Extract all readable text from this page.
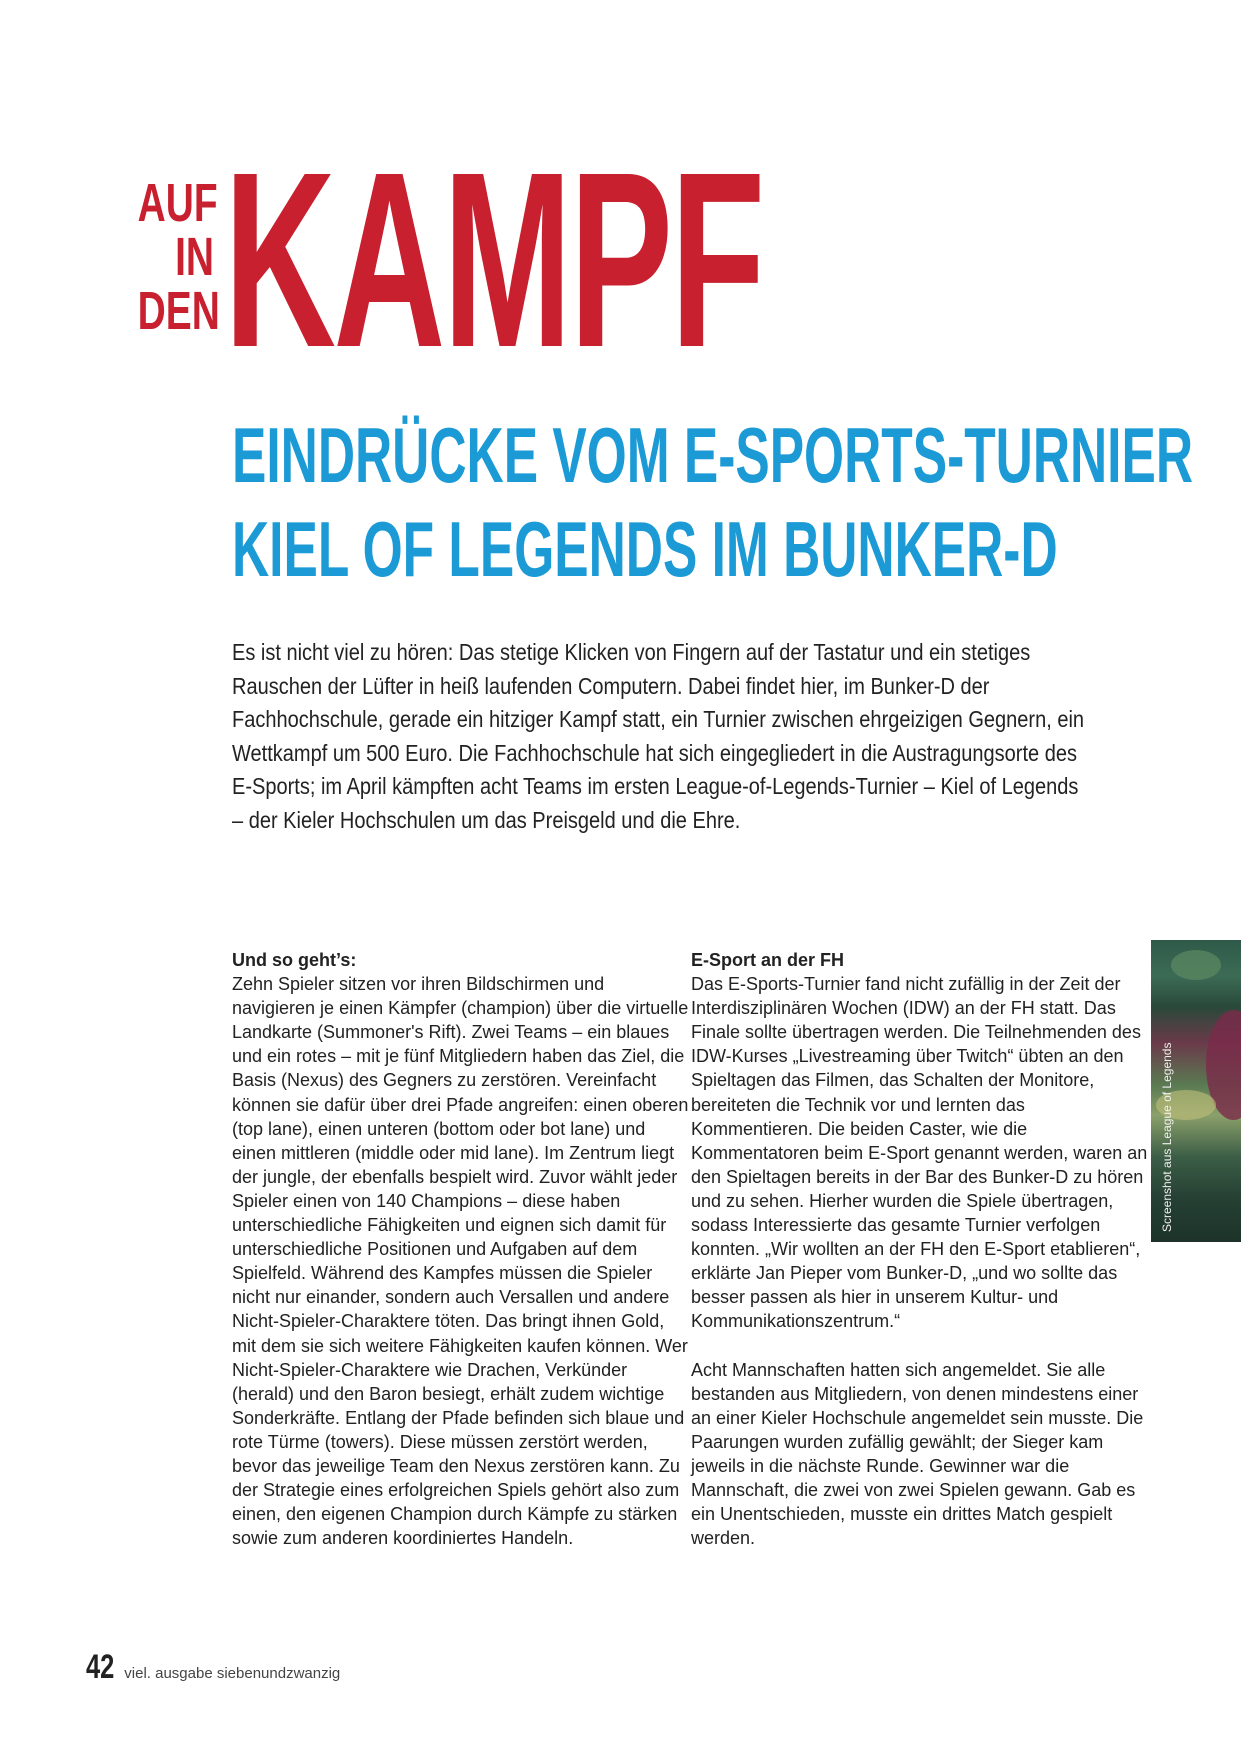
AUF
IN
DEN KAMPF
EINDRÜCKE VOM E-SPORTS-TURNIER
KIEL OF LEGENDS IM BUNKER-D
Es ist nicht viel zu hören: Das stetige Klicken von Fingern auf der Tastatur und ein stetiges Rauschen der Lüfter in heiß laufenden Computern. Dabei findet hier, im Bunker-D der Fachhochschule, gerade ein hitziger Kampf statt, ein Turnier zwischen ehrgeizigen Gegnern, ein Wettkampf um 500 Euro. Die Fachhochschule hat sich eingegliedert in die Austragungsorte des E-Sports; im April kämpften acht Teams im ersten League-of-Legends-Turnier – Kiel of Legends – der Kieler Hochschulen um das Preisgeld und die Ehre.
Und so geht’s:

Zehn Spieler sitzen vor ihren Bildschirmen und navigieren je einen Kämpfer (champion) über die virtuelle Landkarte (Summoner's Rift). Zwei Teams – ein blaues und ein rotes – mit je fünf Mitgliedern haben das Ziel, die Basis (Nexus) des Gegners zu zerstören. Vereinfacht können sie dafür über drei Pfade angreifen: einen oberen (top lane), einen unteren (bottom oder bot lane) und einen mittleren (middle oder mid lane). Im Zentrum liegt der jungle, der ebenfalls bespielt wird. Zuvor wählt jeder Spieler einen von 140 Champions – diese haben unterschiedliche Fähigkeiten und eignen sich damit für unterschiedliche Positionen und Aufgaben auf dem Spielfeld. Während des Kampfes müssen die Spieler nicht nur einander, sondern auch Versallen und andere Nicht-Spieler-Charaktere töten. Das bringt ihnen Gold, mit dem sie sich weitere Fähigkeiten kaufen können. Wer Nicht-Spieler-Charaktere wie Drachen, Verkünder (herald) und den Baron besiegt, erhält zudem wichtige Sonderkräfte. Entlang der Pfade befinden sich blaue und rote Türme (towers). Diese müssen zerstört werden, bevor das jeweilige Team den Nexus zerstören kann. Zu der Strategie eines erfolgreichen Spiels gehört also zum einen, den eigenen Champion durch Kämpfe zu stärken sowie zum anderen koordiniertes Handeln.

E-Sport an der FH

Das E-Sports-Turnier fand nicht zufällig in der Zeit der Interdisziplinären Wochen (IDW) an der FH statt. Das Finale sollte übertragen werden. Die Teilnehmenden des IDW-Kurses „Livestreaming über Twitch“ übten an den Spieltagen das Filmen, das Schalten der Monitore, bereiteten die Technik vor und lernten das Kommentieren. Die beiden Caster, wie die Kommentatoren beim E-Sport genannt werden, waren an den Spieltagen bereits in der Bar des Bunker-D zu hören und zu sehen. Hierher wurden die Spiele übertragen, sodass Interessierte das gesamte Turnier verfolgen konnten. „Wir wollten an der FH den E-Sport etablieren“, erklärte Jan Pieper vom Bunker-D, „und wo sollte das besser passen als hier in unserem Kultur- und Kommunikationszentrum.“

Acht Mannschaften hatten sich angemeldet. Sie alle bestanden aus Mitgliedern, von denen mindestens einer an einer Kieler Hochschule angemeldet sein musste. Die Paarungen wurden zufällig gewählt; der Sieger kam jeweils in die nächste Runde. Gewinner war die Mannschaft, die zwei von zwei Spielen gewann. Gab es ein Unentschieden, musste ein drittes Match gespielt werden.

Screenshot aus League of Legends
42 viel. ausgabe siebenundzwanzig
